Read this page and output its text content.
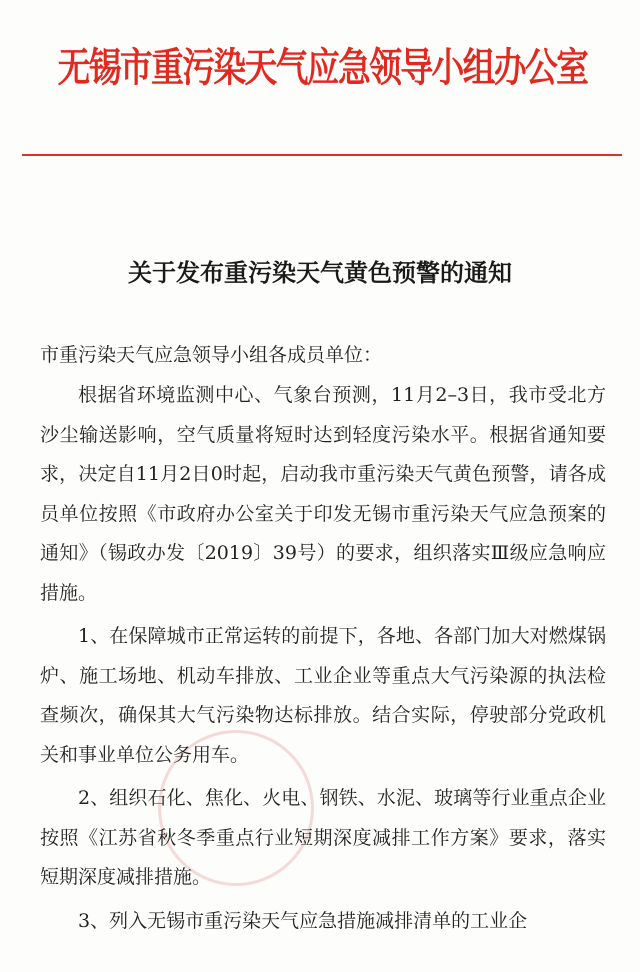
无锡市重污染天气应急领导小组办公室
关于发布重污染天气黄色预警的通知

市重污染天气应急领导小组各成员单位：

根据省环境监测中心、气象台预测，11月2–3日，我市受北方沙尘输送影响，空气质量将短时达到轻度污染水平。根据省通知要求，决定自11月2日0时起，启动我市重污染天气黄色预警，请各成员单位按照《市政府办公室关于印发无锡市重污染天气应急预案的通知》（锡政办发〔2019〕39号）的要求，组织落实Ⅲ级应急响应措施。

1、在保障城市正常运转的前提下，各地、各部门加大对燃煤锅炉、施工场地、机动车排放、工业企业等重点大气污染源的执法检查频次，确保其大气污染物达标排放。结合实际，停驶部分党政机关和事业单位公务用车。

2、组织石化、焦化、火电、钢铁、水泥、玻璃等行业重点企业按照《江苏省秋冬季重点行业短期深度减排工作方案》要求，落实短期深度减排措施。

3、列入无锡市重污染天气应急措施减排清单的工业企
